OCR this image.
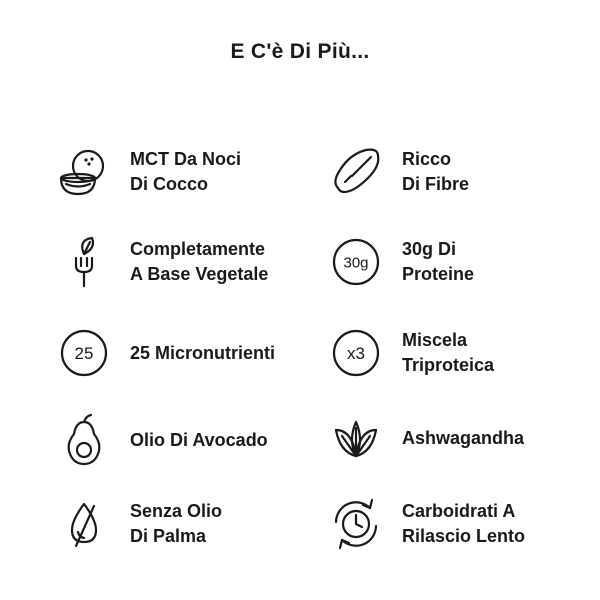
E C'è Di Più...
MCT Da Noci
Di Cocco
Ricco
Di Fibre
Completamente
A Base Vegetale
30g
30g Di
Proteine
25 25 Micronutrienti	x3
Miscela
Triproteica
Olio Di Avocado	Ashwagandha
Senza Olio
Di Palma
Carboidrati A
Rilascio Lento
